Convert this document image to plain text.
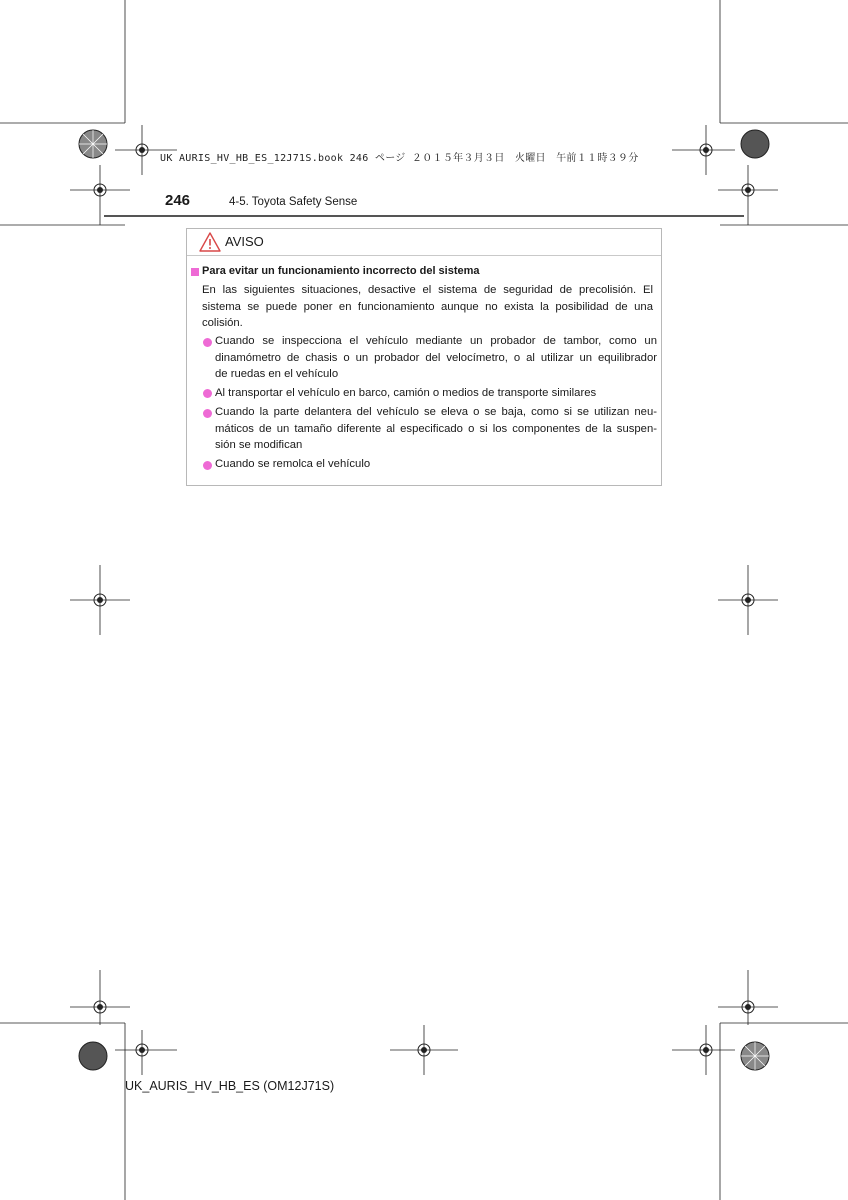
UK AURIS_HV_HB_ES_12J71S.book 246 ページ ２０１５年３月３日　火曜日　午前１１時３９分
246	4-5. Toyota Safety Sense
AVISO
Para evitar un funcionamiento incorrecto del sistema
En las siguientes situaciones, desactive el sistema de seguridad de precolisión. El
sistema se puede poner en funcionamiento aunque no exista la posibilidad de una
colisión.
Cuando se inspecciona el vehículo mediante un probador de tambor, como un
dinamómetro de chasis o un probador del velocímetro, o al utilizar un equilibrador
de ruedas en el vehículo
Al transportar el vehículo en barco, camión o medios de transporte similares
Cuando la parte delantera del vehículo se eleva o se baja, como si se utilizan neu-
máticos de un tamaño diferente al especificado o si los componentes de la suspen-
sión se modifican
Cuando se remolca el vehículo
UK_AURIS_HV_HB_ES (OM12J71S)
